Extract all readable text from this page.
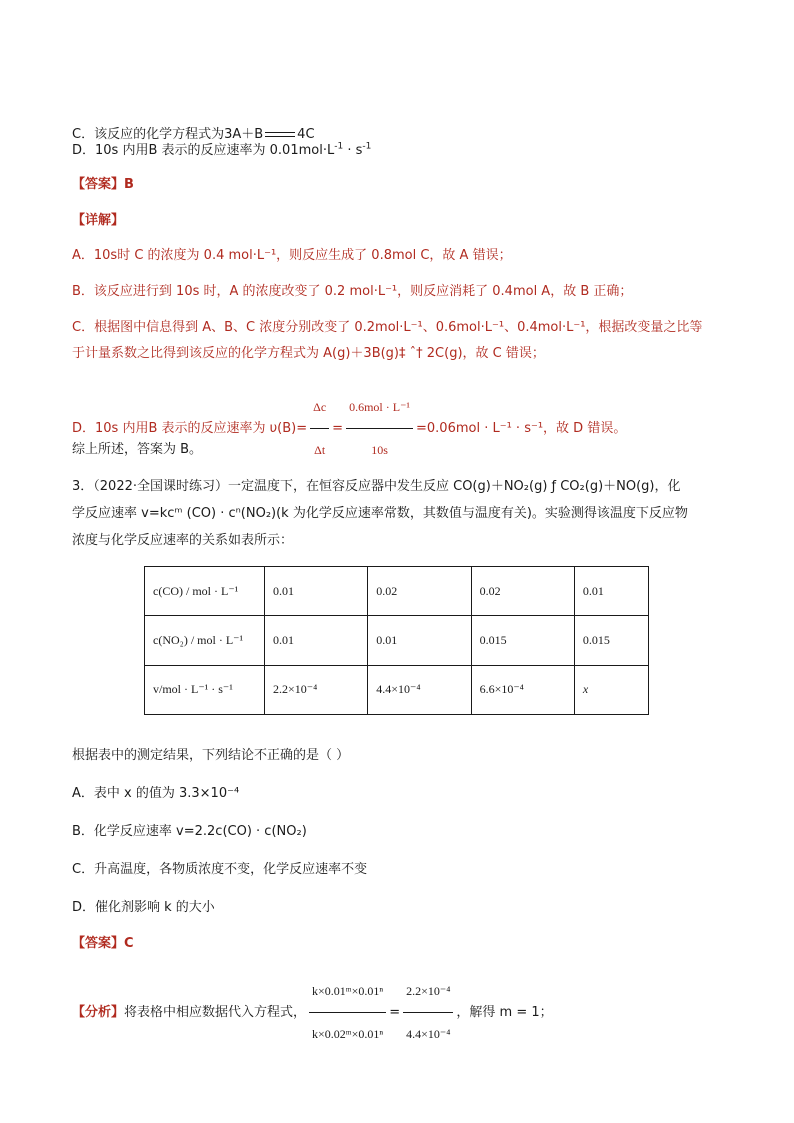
C．该反应的化学方程式为3A＋B	4C
D．10s 内用B 表示的反应速率为 $0.01mol\cdot L^{-1} \cdot s^{-1}$
【答案】B
【详解】
A．10s时 C 的浓度为 0.4 mol·L⁻¹，则反应生成了 0.8mol C，故 A 错误；
B．该反应进行到 10s 时，A 的浓度改变了 0.2 mol·L⁻¹，则反应消耗了 0.4mol A，故 B 正确；
C．根据图中信息得到 A、B、C 浓度分别改变了 0.2mol·L⁻¹、0.6mol·L⁻¹、0.4mol·L⁻¹，根据改变量之比等
于计量系数之比得到该反应的化学方程式为 A(g)＋3B(g)‡ ˆ† 2C(g)，故 C 错误；
D．10s 内用B 表示的反应速率为 $\upsilon(B)= \frac{\Delta c}{\Delta t} = \frac{\text{0.6mol · L⁻¹}}{10s} =0.06mol \cdot L^{-1} \cdot s^{-1}$，故 D 错误。
综上所述，答案为 B。
3．（2022·全国课时练习）一定温度下，在恒容反应器中发生反应 CO(g)＋NO₂(g) ƒ CO₂(g)＋NO(g)，化
学反应速率 v=kcᵐ (CO) · cⁿ(NO₂)(k 为化学反应速率常数，其数值与温度有关)。实验测得该温度下反应物
浓度与化学反应速率的关系如表所示：
c(CO) / mol · L⁻¹	0.01	0.02	0.02	0.01
c(NO₂) / mol · L⁻¹	0.01	0.01	0.015	0.015
v/mol · L⁻¹ · s⁻¹	2.2×10⁻⁴	4.4×10⁻⁴	6.6×10⁻⁴	x
根据表中的测定结果，下列结论不正确的是（ ）
A．表中 x 的值为 3.3×10⁻⁴
B．化学反应速率 v=2.2c(CO) · c(NO₂)
C．升高温度，各物质浓度不变，化学反应速率不变
D．催化剂影响 k 的大小
【答案】C
【分析】将表格中相应数据代入方程式， $\frac{\text{k×0.01ᵐ×0.01ⁿ}}{\text{k×0.02ᵐ×0.01ⁿ}} = \frac{\text{2.2×10⁻⁴}}{\text{4.4×10⁻⁴}}$ ，解得 m = 1；
